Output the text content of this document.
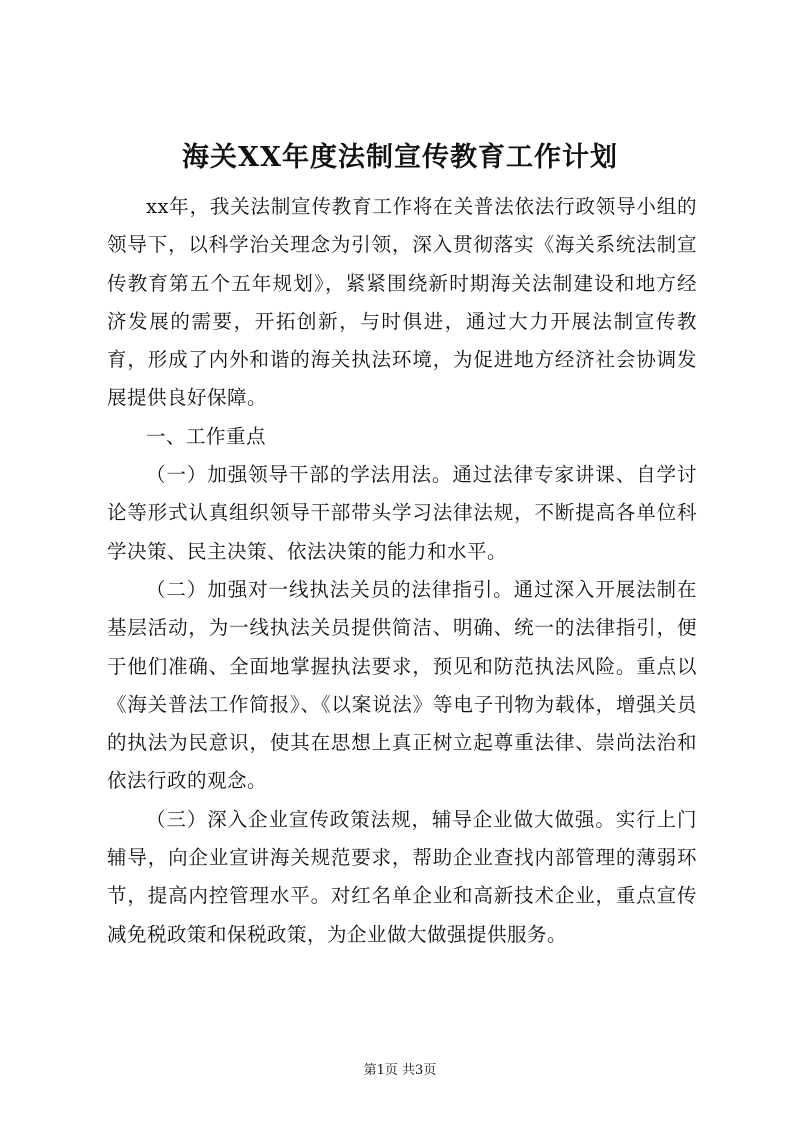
海关XX年度法制宣传教育工作计划

xx年，我关法制宣传教育工作将在关普法依法行政领导小组的领导下，以科学治关理念为引领，深入贯彻落实《海关系统法制宣传教育第五个五年规划》，紧紧围绕新时期海关法制建设和地方经济发展的需要，开拓创新，与时俱进，通过大力开展法制宣传教育，形成了内外和谐的海关执法环境，为促进地方经济社会协调发展提供良好保障。

一、工作重点

（一）加强领导干部的学法用法。通过法律专家讲课、自学讨论等形式认真组织领导干部带头学习法律法规，不断提高各单位科学决策、民主决策、依法决策的能力和水平。

（二）加强对一线执法关员的法律指引。通过深入开展法制在基层活动，为一线执法关员提供简洁、明确、统一的法律指引，便于他们准确、全面地掌握执法要求，预见和防范执法风险。重点以《海关普法工作简报》、《以案说法》等电子刊物为载体，增强关员的执法为民意识，使其在思想上真正树立起尊重法律、崇尚法治和依法行政的观念。

（三）深入企业宣传政策法规，辅导企业做大做强。实行上门辅导，向企业宣讲海关规范要求，帮助企业查找内部管理的薄弱环节，提高内控管理水平。对红名单企业和高新技术企业，重点宣传减免税政策和保税政策，为企业做大做强提供服务。

第1页 共3页
